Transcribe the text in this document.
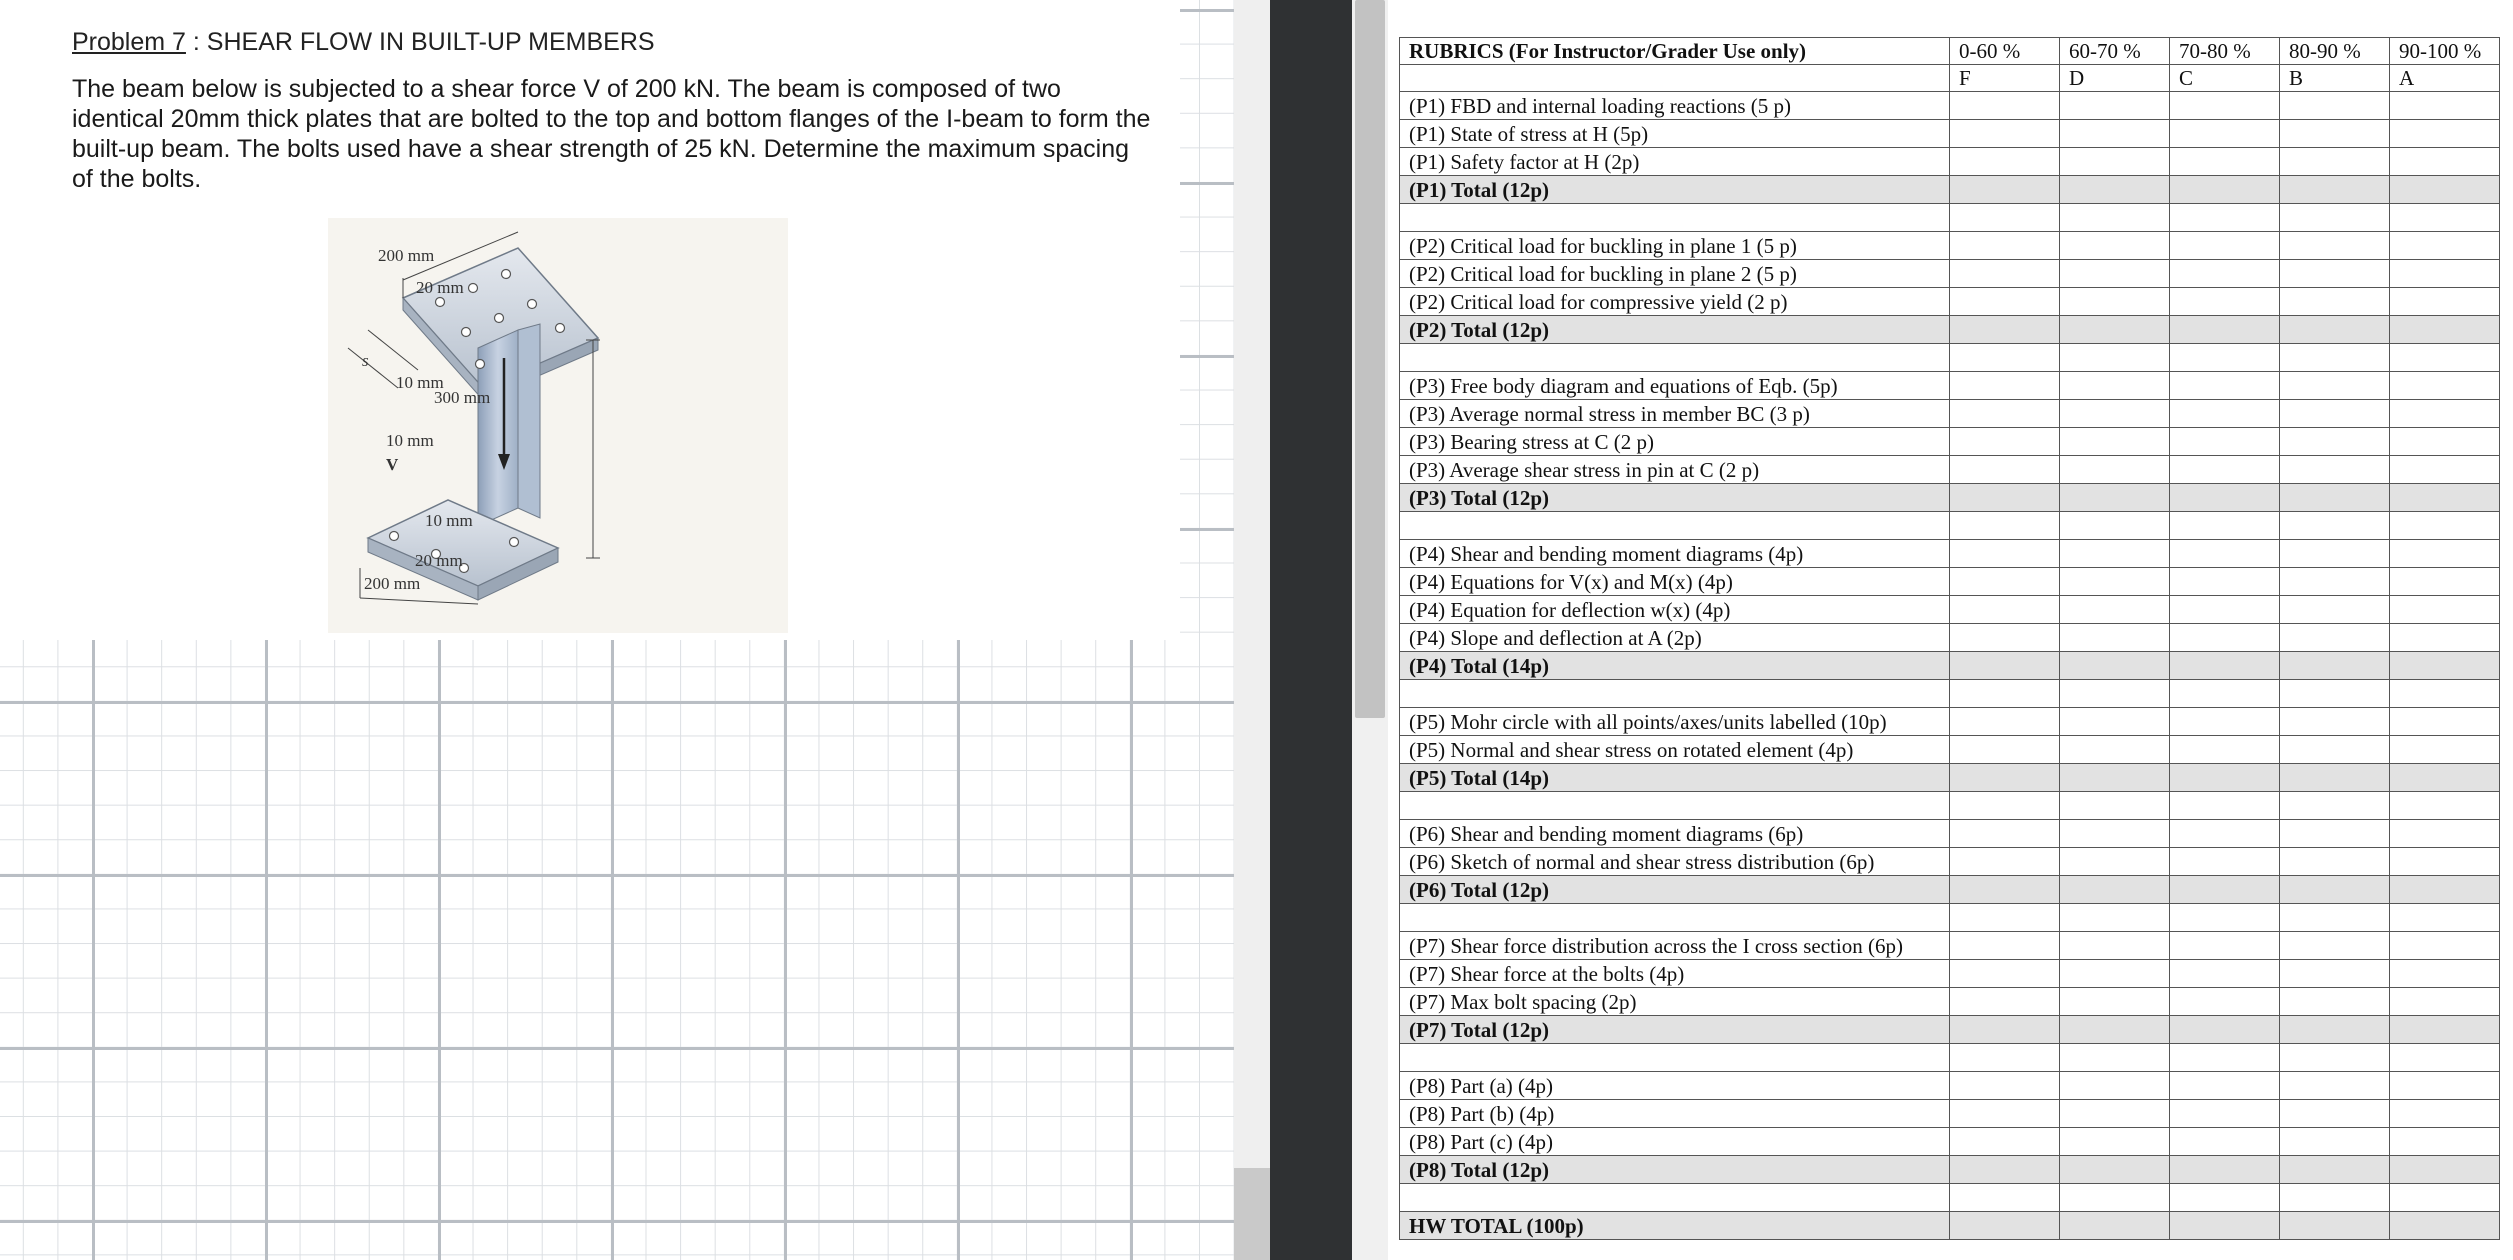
Problem 7 : SHEAR FLOW IN BUILT-UP MEMBERS
The beam below is subjected to a shear force V of 200 kN. The beam is composed of two
identical 20mm thick plates that are bolted to the top and bottom flanges of the I-beam to form the
built-up beam. The bolts used have a shear strength of 25 kN. Determine the maximum spacing
of the bolts.
200 mm
20 mm
10 mm
300 mm
10 mm
V
s
10 mm
20 mm
200 mm
RUBRICS (For Instructor/Grader Use only)	0-60 %	60-70 %	70-80 %	80-90 %	90-100 %
	F	D	C	B	A
(P1) FBD and internal loading reactions (5 p)					
(P1) State of stress at H (5p)					
(P1) Safety factor at H (2p)					
(P1) Total (12p)					

(P2) Critical load for buckling in plane 1 (5 p)					
(P2) Critical load for buckling in plane 2 (5 p)					
(P2) Critical load for compressive yield (2 p)					
(P2) Total (12p)					

(P3) Free body diagram and equations of Eqb. (5p)					
(P3) Average normal stress in member BC (3 p)					
(P3) Bearing stress at C (2 p)					
(P3) Average shear stress in pin at C (2 p)					
(P3) Total (12p)					

(P4) Shear and bending moment diagrams (4p)					
(P4) Equations for V(x) and M(x) (4p)					
(P4) Equation for deflection w(x) (4p)					
(P4) Slope and deflection at A (2p)					
(P4) Total (14p)					

(P5) Mohr circle with all points/axes/units labelled (10p)					
(P5) Normal and shear stress on rotated element (4p)					
(P5) Total (14p)					

(P6) Shear and bending moment diagrams (6p)					
(P6) Sketch of normal and shear stress distribution (6p)					
(P6) Total (12p)					

(P7) Shear force distribution across the I cross section (6p)					
(P7) Shear force at the bolts (4p)					
(P7) Max bolt spacing (2p)					
(P7) Total (12p)					

(P8) Part (a) (4p)					
(P8) Part (b) (4p)					
(P8) Part (c) (4p)					
(P8) Total (12p)					

HW TOTAL (100p)					
